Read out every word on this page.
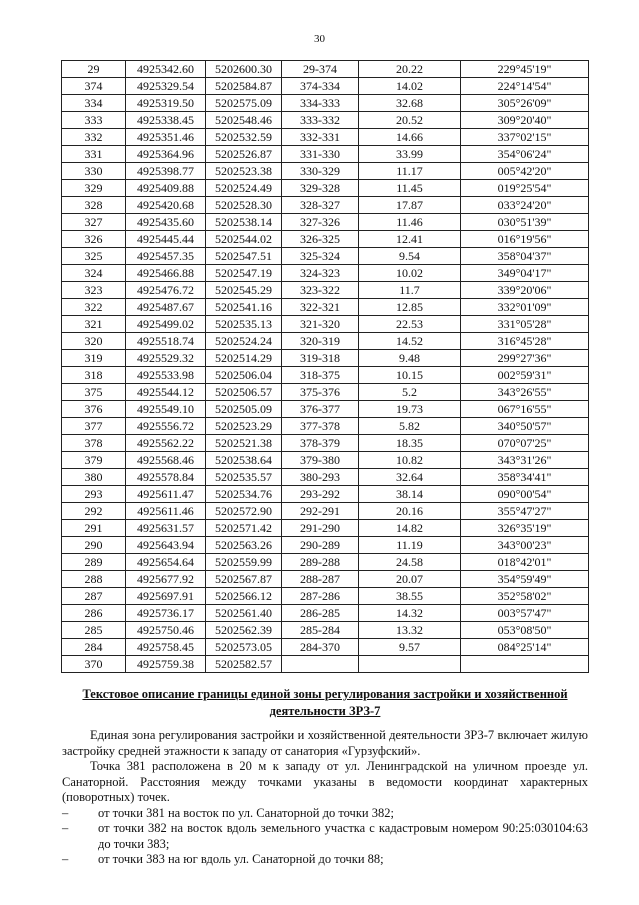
30
29	4925342.60	5202600.30	29-374	20.22	229°45'19"
374	4925329.54	5202584.87	374-334	14.02	224°14'54"
334	4925319.50	5202575.09	334-333	32.68	305°26'09"
333	4925338.45	5202548.46	333-332	20.52	309°20'40"
332	4925351.46	5202532.59	332-331	14.66	337°02'15"
331	4925364.96	5202526.87	331-330	33.99	354°06'24"
330	4925398.77	5202523.38	330-329	11.17	005°42'20"
329	4925409.88	5202524.49	329-328	11.45	019°25'54"
328	4925420.68	5202528.30	328-327	17.87	033°24'20"
327	4925435.60	5202538.14	327-326	11.46	030°51'39"
326	4925445.44	5202544.02	326-325	12.41	016°19'56"
325	4925457.35	5202547.51	325-324	9.54	358°04'37"
324	4925466.88	5202547.19	324-323	10.02	349°04'17"
323	4925476.72	5202545.29	323-322	11.7	339°20'06"
322	4925487.67	5202541.16	322-321	12.85	332°01'09"
321	4925499.02	5202535.13	321-320	22.53	331°05'28"
320	4925518.74	5202524.24	320-319	14.52	316°45'28"
319	4925529.32	5202514.29	319-318	9.48	299°27'36"
318	4925533.98	5202506.04	318-375	10.15	002°59'31"
375	4925544.12	5202506.57	375-376	5.2	343°26'55"
376	4925549.10	5202505.09	376-377	19.73	067°16'55"
377	4925556.72	5202523.29	377-378	5.82	340°50'57"
378	4925562.22	5202521.38	378-379	18.35	070°07'25"
379	4925568.46	5202538.64	379-380	10.82	343°31'26"
380	4925578.84	5202535.57	380-293	32.64	358°34'41"
293	4925611.47	5202534.76	293-292	38.14	090°00'54"
292	4925611.46	5202572.90	292-291	20.16	355°47'27"
291	4925631.57	5202571.42	291-290	14.82	326°35'19"
290	4925643.94	5202563.26	290-289	11.19	343°00'23"
289	4925654.64	5202559.99	289-288	24.58	018°42'01"
288	4925677.92	5202567.87	288-287	20.07	354°59'49"
287	4925697.91	5202566.12	287-286	38.55	352°58'02"
286	4925736.17	5202561.40	286-285	14.32	003°57'47"
285	4925750.46	5202562.39	285-284	13.32	053°08'50"
284	4925758.45	5202573.05	284-370	9.57	084°25'14"
370	4925759.38	5202582.57			
Текстовое описание границы единой зоны регулирования застройки и хозяйственной деятельности ЗРЗ-7

Единая зона регулирования застройки и хозяйственной деятельности ЗРЗ-7 включает жилую застройку средней этажности к западу от санатория «Гурзуфский».

Точка 381 расположена в 20 м к западу от ул. Ленинградской на уличном проезде ул. Санаторной. Расстояния между точками указаны в ведомости координат характерных (поворотных) точек.

– от точки 381 на восток по ул. Санаторной до точки 382;
– от точки 382 на восток вдоль земельного участка с кадастровым номером 90:25:030104:63 до точки 383;
– от точки 383 на юг вдоль ул. Санаторной до точки 88;
